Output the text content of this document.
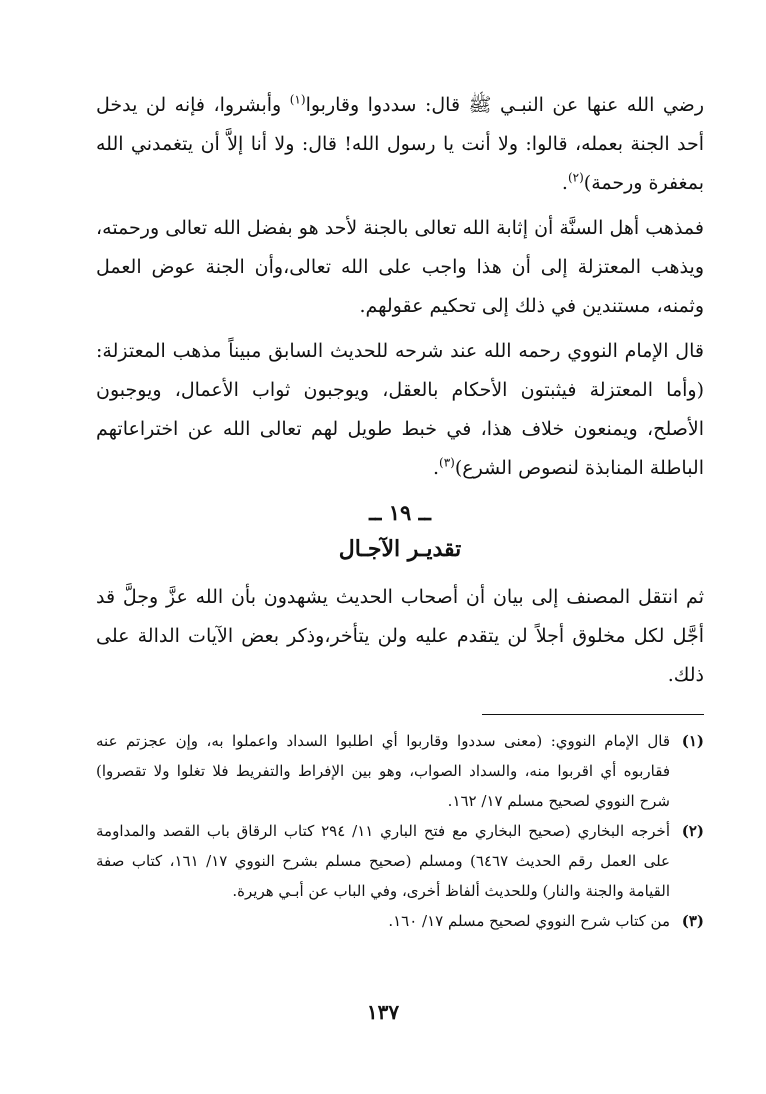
رضي الله عنها عن النبـي ﷺ قال: سددوا وقاربوا$^{(١)}$ وأبشروا، فإنه لن يدخل أحد الجنة بعمله، قالوا: ولا أنت يا رسول الله! قال: ولا أنا إلاَّ أن يتغمدني الله بمغفرة ورحمة)$^{(٢)}$.

فمذهب أهل السنَّة أن إثابة الله تعالى بالجنة لأحد هو بفضل الله تعالى ورحمته، ويذهب المعتزلة إلى أن هذا واجب على الله تعالى،وأن الجنة عوض العمل وثمنه، مستندين في ذلك إلى تحكيم عقولهم.

قال الإمام النووي رحمه الله عند شرحه للحديث السابق مبيناً مذهب المعتزلة: (وأما المعتزلة فيثبتون الأحكام بالعقل، ويوجبون ثواب الأعمال، ويوجبون الأصلح، ويمنعون خلاف هذا، في خبط طويل لهم تعالى الله عن اختراعاتهم الباطلة المنابذة لنصوص الشرع)$^{(٣)}$.

ــ ١٩ ــ

تقديـر الآجـال

ثم انتقل المصنف إلى بيان أن أصحاب الحديث يشهدون بأن الله عزَّ وجلَّ قد أجَّل لكل مخلوق أجلاً لن يتقدم عليه ولن يتأخر،وذكر بعض الآيات الدالة على ذلك.

(١)
قال الإمام النووي: (معنى سددوا وقاربوا أي اطلبوا السداد واعملوا به، وإن عجزتم عنه فقاربوه أي اقربوا منه، والسداد الصواب، وهو بين الإفراط والتفريط فلا تغلوا ولا تقصروا) شرح النووي لصحيح مسلم ١٧/ ١٦٢.
(٢)
أخرجه البخاري (صحيح البخاري مع فتح الباري ١١/ ٢٩٤ كتاب الرقاق باب القصد والمداومة على العمل رقم الحديث ٦٤٦٧) ومسلم (صحيح مسلم بشرح النووي ١٧/ ١٦١، كتاب صفة القيامة والجنة والنار) وللحديث ألفاظ أخرى، وفي الباب عن أبـي هريرة.
(٣)
من كتاب شرح النووي لصحيح مسلم ١٧/ ١٦٠.

١٣٧
